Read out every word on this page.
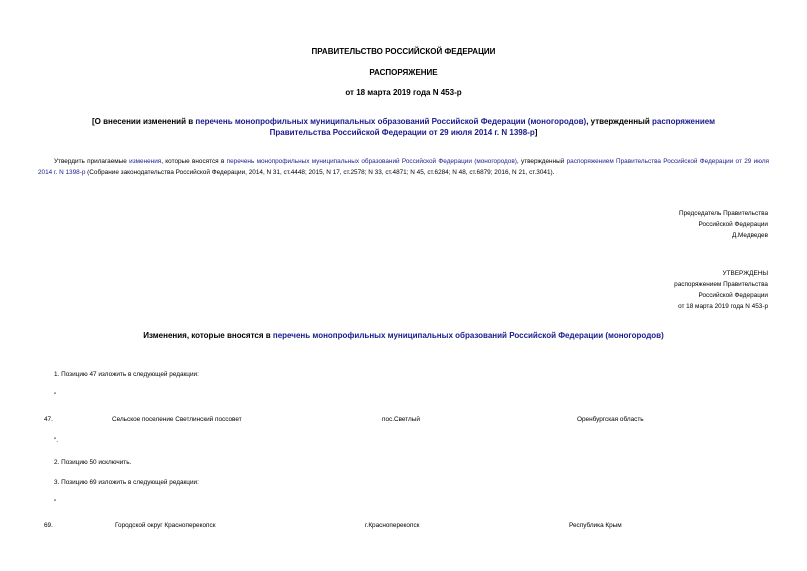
ПРАВИТЕЛЬСТВО РОССИЙСКОЙ ФЕДЕРАЦИИ
РАСПОРЯЖЕНИЕ
от 18 марта 2019 года N 453-р
[О внесении изменений в перечень монопрофильных муниципальных образований Российской Федерации (моногородов), утвержденный распоряжением
Правительства Российской Федерации от 29 июля 2014 г. N 1398-р]
Утвердить прилагаемые изменения, которые вносятся в перечень монопрофильных муниципальных образований Российской Федерации (моногородов), утвержденный распоряжением Правительства Российской Федерации от 29 июля 2014 г. N 1398-р (Собрание законодательства Российской Федерации, 2014, N 31, ст.4448; 2015, N 17, ст.2578; N 33, ст.4871; N 45, ст.6284; N 48, ст.6879; 2016, N 21, ст.3041).
Председатель Правительства
Российской Федерации
Д.Медведев
УТВЕРЖДЕНЫ
распоряжением Правительства
Российской Федерации
от 18 марта 2019 года N 453-р
Изменения, которые вносятся в перечень монопрофильных муниципальных образований Российской Федерации (моногородов)
1. Позицию 47 изложить в следующей редакции:
"
47.	Сельское поселение Светлинский поссовет	пос.Светлый	Оренбургская область
".
2. Позицию 50 исключить.
3. Позицию 69 изложить в следующей редакции:
"
69.	Городской округ Красноперекопск	г.Красноперекопск	Республика Крым
